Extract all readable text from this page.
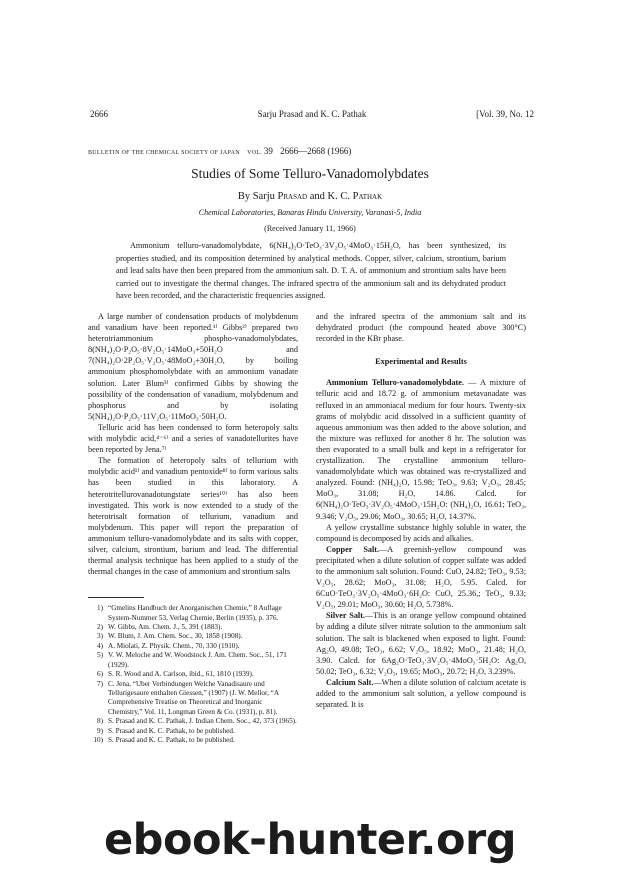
2666	Sarju Prasad and K. C. Pathak	[Vol. 39, No. 12
BULLETIN OF THE CHEMICAL SOCIETY OF JAPAN VOL. 39 2666—2668 (1966)
Studies of Some Telluro-Vanadomolybdates
By Sarju Prasad and K. C. Pathak
Chemical Laboratories, Banaras Hindu University, Varanasi-5, India
(Received January 11, 1966)

Ammonium telluro-vanadomolybdate, 6(NH₄)₂O·TeO₃·3V₂O₅·4MoO₃·15H₂O, has been synthesized, its properties studied, and its composition determined by analytical methods. Copper, silver, calcium, strontium, barium and lead salts have then been prepared from the ammonium salt. D. T. A. of ammonium and strontium salts have been carried out to investigate the thermal changes. The infrared spectra of the ammonium salt and its dehydrated product have been recorded, and the characteristic frequencies assigned.

A large number of condensation products of molybdenum and vanadium have been reported.¹⁾ Gibbs²⁾ prepared two heterotriammonium phospho-vanadomolybdates, 8(NH₄)₂O·P₂O₅·8V₂O₅·14MoO₃+50H₂O and 7(NH₄)₂O·2P₂O₅·V₂O₅·48MoO₂+30H₂O, by boiling ammonium phosphomolybdate with an ammonium vanadate solution. Later Blum³⁾ confirmed Gibbs by showing the possibility of the condensation of vanadium, molybdenum and phosphorus and by isolating 5(NH₄)₂O·P₂O₅·11V₂O₅·11MoO₃·50H₂O.

Telluric acid has been condensed to form heteropoly salts with molybdic acid,⁴⁻⁶⁾ and a series of vanadotellurites have been reported by Jena.⁷⁾

The formation of heteropoly salts of tellurium with molybdic acid¹⁾ and vanadium pentoxide⁸⁾ to form various salts has been studied in this laboratory. A heterotritellurovanadotungstate series¹⁰⁾ has also been investigated. This work is now extended to a study of the heterotrisalt formation of tellurium, vanadium and molybdenum. This paper will report the preparation of ammonium telluro-vanadomolybdate and its salts with copper, silver, calcium, strontium, barium and lead. The differential thermal analysis technique has been applied to a study of the thermal changes in the case of ammonium and strontium salts

1) “Gmelins Handbuch der Anorganischen Chemie,” 8 Auflage System-Nummer 53, Verlag Chemie, Berlin (1935), p. 376.
2) W. Gibbs, Am. Chem. J., 5, 391 (1883).
3) W. Blum, J. Am. Chem. Soc., 30, 1858 (1908).
4) A. Miolati, Z. Physik. Chem., 70, 330 (1910).
5) V. W. Meloche and W. Woodstock J. Am. Chem. Soc., 51, 171 (1929).
6) S. R. Wood and A. Carlson, ibid., 61, 1810 (1939).
7) C. Jena, “Uber Verbindungen Welche Vanadisaure und Tellurigesaure enthalten Giessen,” (1907) (J. W. Mellor, “A Comprehensive Treatise on Theoretical and Inorganic Chemistry,” Vol. 11, Longman Green & Co. (1931), p. 81).
8) S. Prasad and K. C. Pathak, J. Indian Chem. Soc., 42, 373 (1965).
9) S. Prasad and K. C. Pathak, to be published.
10) S. Prasad and K. C. Pathak, to be published.

and the infrared spectra of the ammonium salt and its dehydrated product (the compound heated above 300°C) recorded in the KBr phase.

Experimental and Results

Ammonium Telluro-vanadomolybdate. — A mixture of telluric acid and 18.72 g. of ammonium metavanadate was refluxed in an ammoniacal medium for four hours. Twenty-six grams of molybdic acid dissolved in a sufficient quantity of aqueous ammonium was then added to the above solution, and the mixture was refluxed for another 8 hr. The solution was then evaporated to a small bulk and kept in a refrigerator for crystallization. The crystalline ammonium telluro-vanadomolybdate which was obtained was re-crystallized and analyzed. Found: (NH₄)₂O, 15.98; TeO₃, 9.63; V₂O₅, 28.45; MoO₃, 31.08; H₂O, 14.86. Calcd. for 6(NH₄)₂O·TeO₃·3V₂O₅·4MoO₃·15H₂O: (NH₄)₂O, 16.61; TeO₃, 9.346; V₂O₅, 29.06; MoO₃, 30.65; H₂O, 14.37%.

A yellow crystalline substance highly soluble in water, the compound is decomposed by acids and alkalies.

Copper Salt.—A greenish-yellow compound was precipitated when a dilute solution of copper sulfate was added to the ammonium salt solution. Found: CuO, 24.82; TeO₃, 9.53; V₂O₅, 28.62; MoO₃, 31.08; H₂O, 5.95. Calcd. for 6CuO·TeO₃·3V₂O₅·4MoO₃·6H₂O: CuO, 25.36,; TeO₃, 9.33; V₂O₅, 29.01; MoO₃, 30.60; H₂O, 5.738%.

Silver Salt.—This is an orange yellow compound obtained by adding a dilute silver nitrate solution to the ammonium salt solution. The salt is blackened when exposed to light. Found: Ag₂O, 49.08; TeO₃, 6.62; V₂O₅, 18.92; MoO₃, 21.48; H₂O, 3.90. Calcd. for 6Ag₂O·TeO₃·3V₂O₅·4MoO₃·5H₂O: Ag₂O, 50.02; TeO₃, 6.32; V₂O₅, 19.65; MoO₃, 20.72; H₂O, 3.239%.

Calcium Salt.—When a dilute solution of calcium acetate is added to the ammonium salt solution, a yellow compound is separated. It is

ebook-hunter.org
